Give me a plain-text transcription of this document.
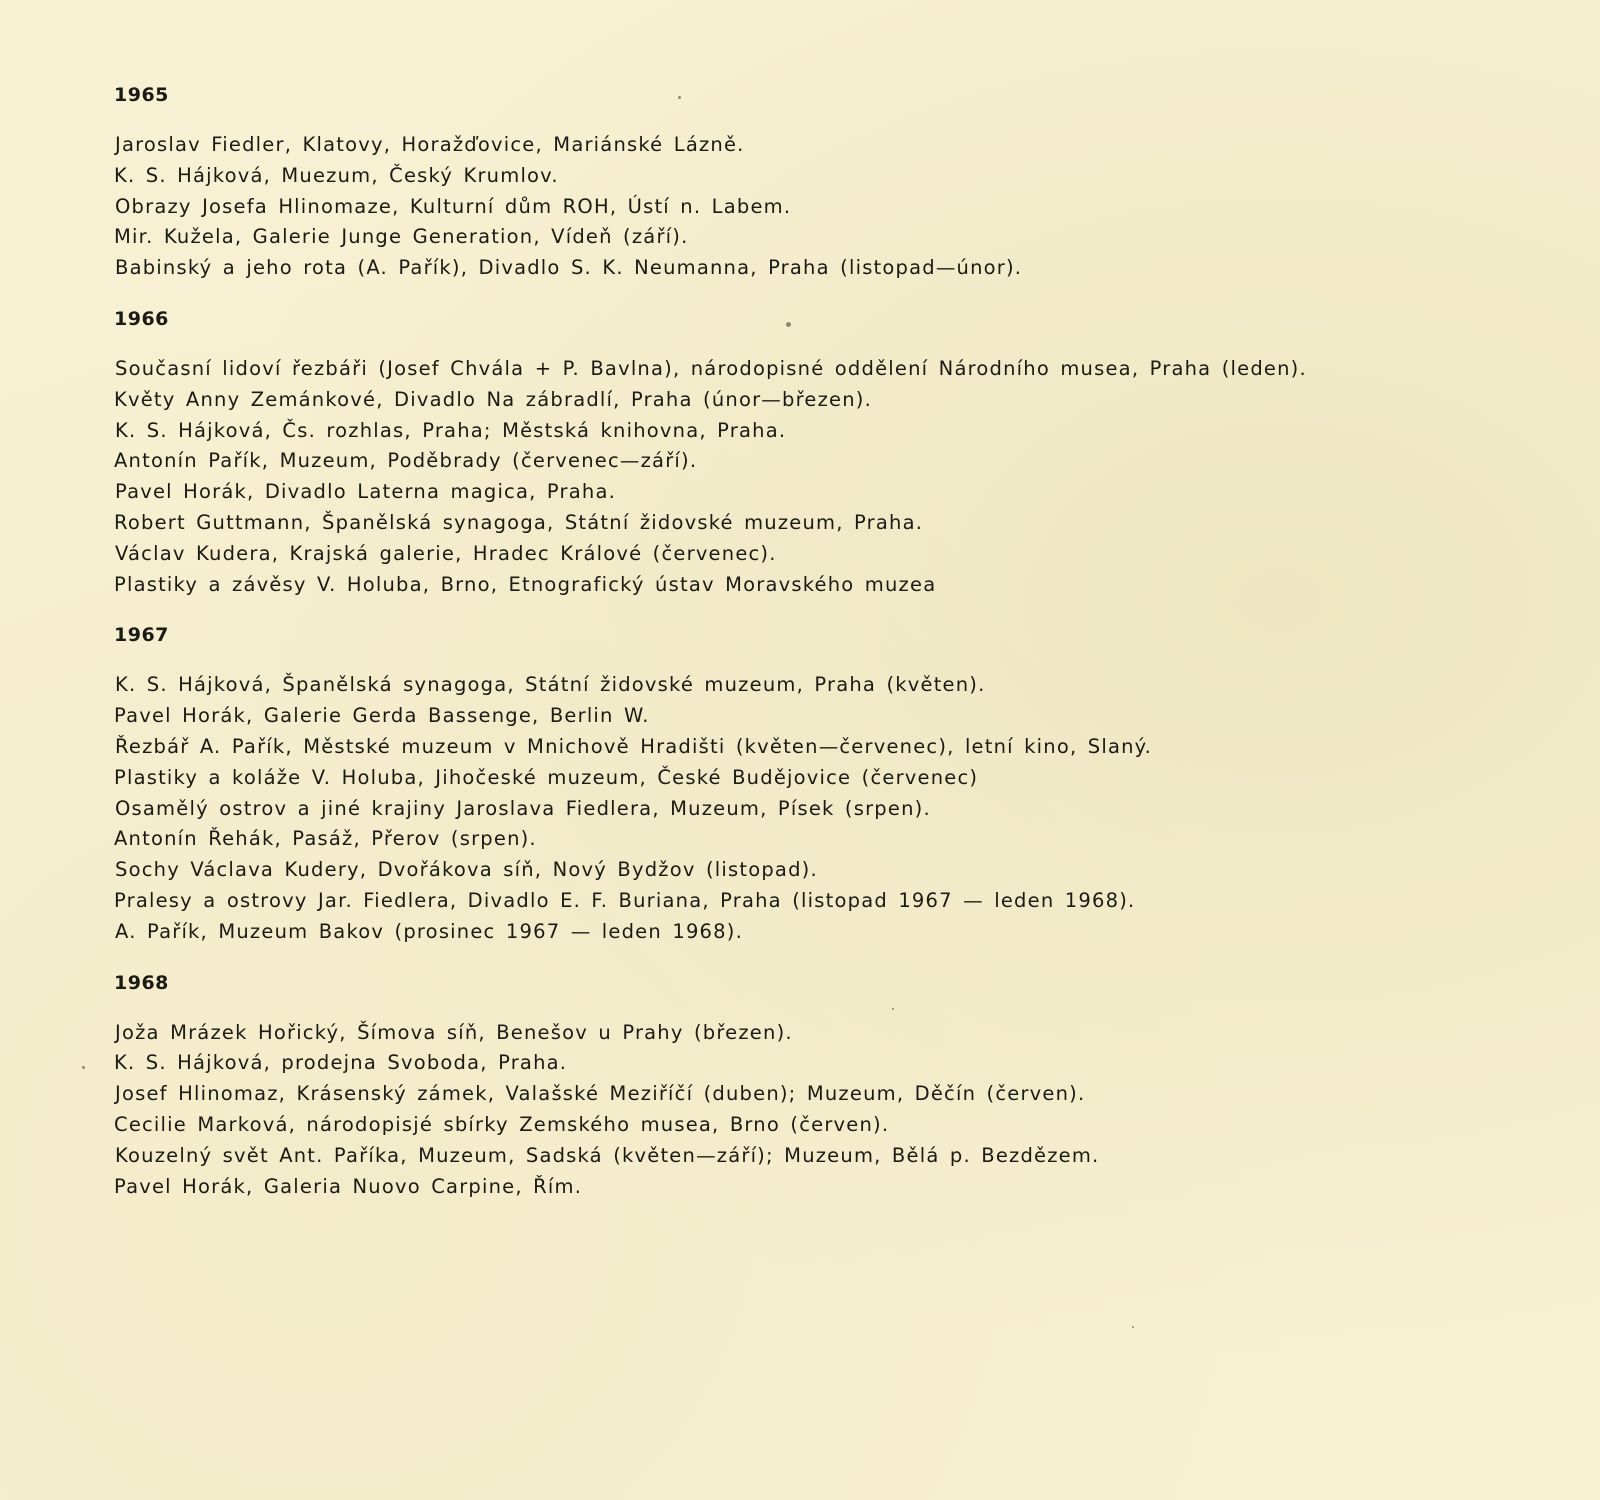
1965
Jaroslav Fiedler, Klatovy, Horažďovice, Mariánské Lázně.
K. S. Hájková, Muezum, Český Krumlov.
Obrazy Josefa Hlinomaze, Kulturní dům ROH, Ústí n. Labem.
Mir. Kužela, Galerie Junge Generation, Vídeň (září).
Babinský a jeho rota (A. Pařík), Divadlo S. K. Neumanna, Praha (listopad—únor).
1966
Současní lidoví řezbáři (Josef Chvála + P. Bavlna), národopisné oddělení Národního musea, Praha (leden).
Květy Anny Zemánkové, Divadlo Na zábradlí, Praha (únor—březen).
K. S. Hájková, Čs. rozhlas, Praha; Městská knihovna, Praha.
Antonín Pařík, Muzeum, Poděbrady (červenec—září).
Pavel Horák, Divadlo Laterna magica, Praha.
Robert Guttmann, Španělská synagoga, Státní židovské muzeum, Praha.
Václav Kudera, Krajská galerie, Hradec Králové (červenec).
Plastiky a závěsy V. Holuba, Brno, Etnografický ústav Moravského muzea
1967
K. S. Hájková, Španělská synagoga, Státní židovské muzeum, Praha (květen).
Pavel Horák, Galerie Gerda Bassenge, Berlin W.
Řezbář A. Pařík, Městské muzeum v Mnichově Hradišti (květen—červenec), letní kino, Slaný.
Plastiky a koláže V. Holuba, Jihočeské muzeum, České Budějovice (červenec)
Osamělý ostrov a jiné krajiny Jaroslava Fiedlera, Muzeum, Písek (srpen).
Antonín Řehák, Pasáž, Přerov (srpen).
Sochy Václava Kudery, Dvořákova síň, Nový Bydžov (listopad).
Pralesy a ostrovy Jar. Fiedlera, Divadlo E. F. Buriana, Praha (listopad 1967 — leden 1968).
A. Pařík, Muzeum Bakov (prosinec 1967 — leden 1968).
1968
Joža Mrázek Hořický, Šímova síň, Benešov u Prahy (březen).
K. S. Hájková, prodejna Svoboda, Praha.
Josef Hlinomaz, Krásenský zámek, Valašské Meziříčí (duben); Muzeum, Děčín (červen).
Cecilie Marková, národopisjé sbírky Zemského musea, Brno (červen).
Kouzelný svět Ant. Paříka, Muzeum, Sadská (květen—září); Muzeum, Bělá p. Bezdězem.
Pavel Horák, Galeria Nuovo Carpine, Řím.
